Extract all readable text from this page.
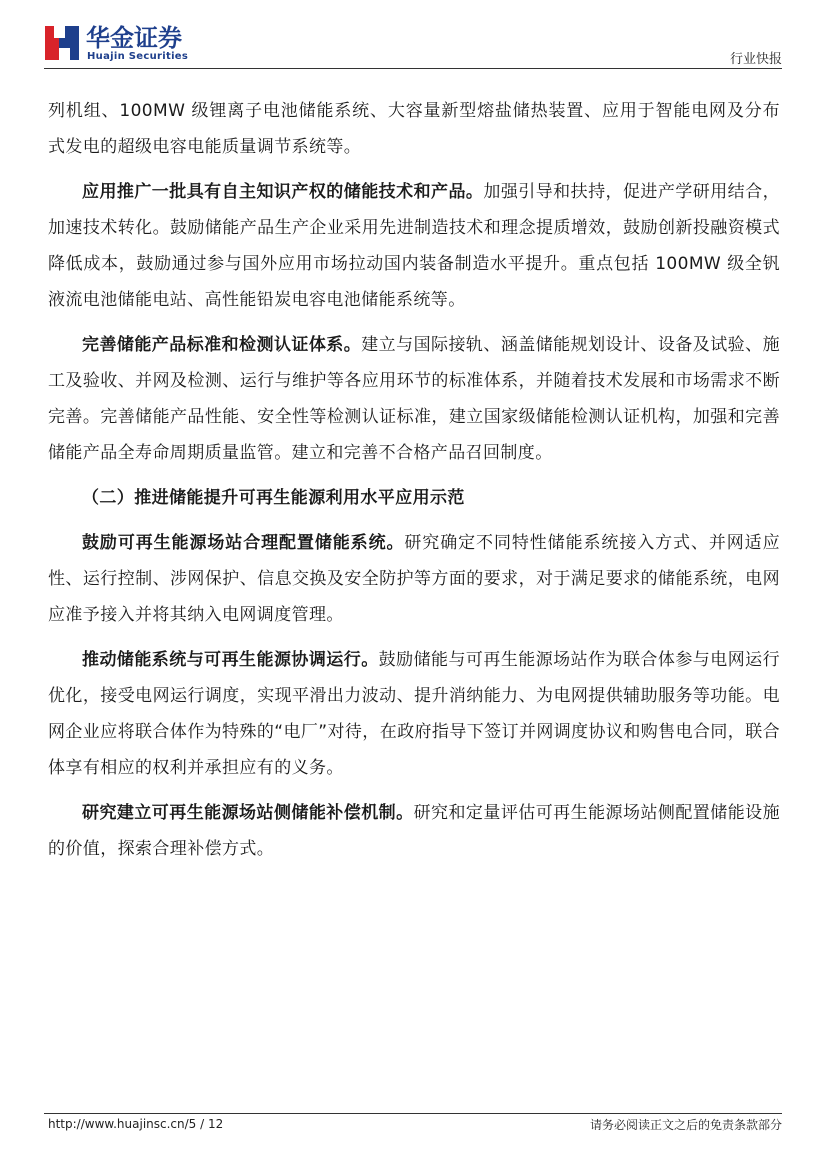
华金证券
Huajin Securities	行业快报

列机组、100MW 级锂离子电池储能系统、大容量新型熔盐储热装置、应用于智能电网及分布式发电的超级电容电能质量调节系统等。

应用推广一批具有自主知识产权的储能技术和产品。加强引导和扶持，促进产学研用结合，加速技术转化。鼓励储能产品生产企业采用先进制造技术和理念提质增效，鼓励创新投融资模式降低成本，鼓励通过参与国外应用市场拉动国内装备制造水平提升。重点包括 100MW 级全钒液流电池储能电站、高性能铅炭电容电池储能系统等。

完善储能产品标准和检测认证体系。建立与国际接轨、涵盖储能规划设计、设备及试验、施工及验收、并网及检测、运行与维护等各应用环节的标准体系，并随着技术发展和市场需求不断完善。完善储能产品性能、安全性等检测认证标准，建立国家级储能检测认证机构，加强和完善储能产品全寿命周期质量监管。建立和完善不合格产品召回制度。

（二）推进储能提升可再生能源利用水平应用示范

鼓励可再生能源场站合理配置储能系统。研究确定不同特性储能系统接入方式、并网适应性、运行控制、涉网保护、信息交换及安全防护等方面的要求，对于满足要求的储能系统，电网应准予接入并将其纳入电网调度管理。

推动储能系统与可再生能源协调运行。鼓励储能与可再生能源场站作为联合体参与电网运行优化，接受电网运行调度，实现平滑出力波动、提升消纳能力、为电网提供辅助服务等功能。电网企业应将联合体作为特殊的“电厂”对待，在政府指导下签订并网调度协议和购售电合同，联合体享有相应的权利并承担应有的义务。

研究建立可再生能源场站侧储能补偿机制。研究和定量评估可再生能源场站侧配置储能设施的价值，探索合理补偿方式。

http://www.huajinsc.cn/5 / 12	请务必阅读正文之后的免责条款部分
